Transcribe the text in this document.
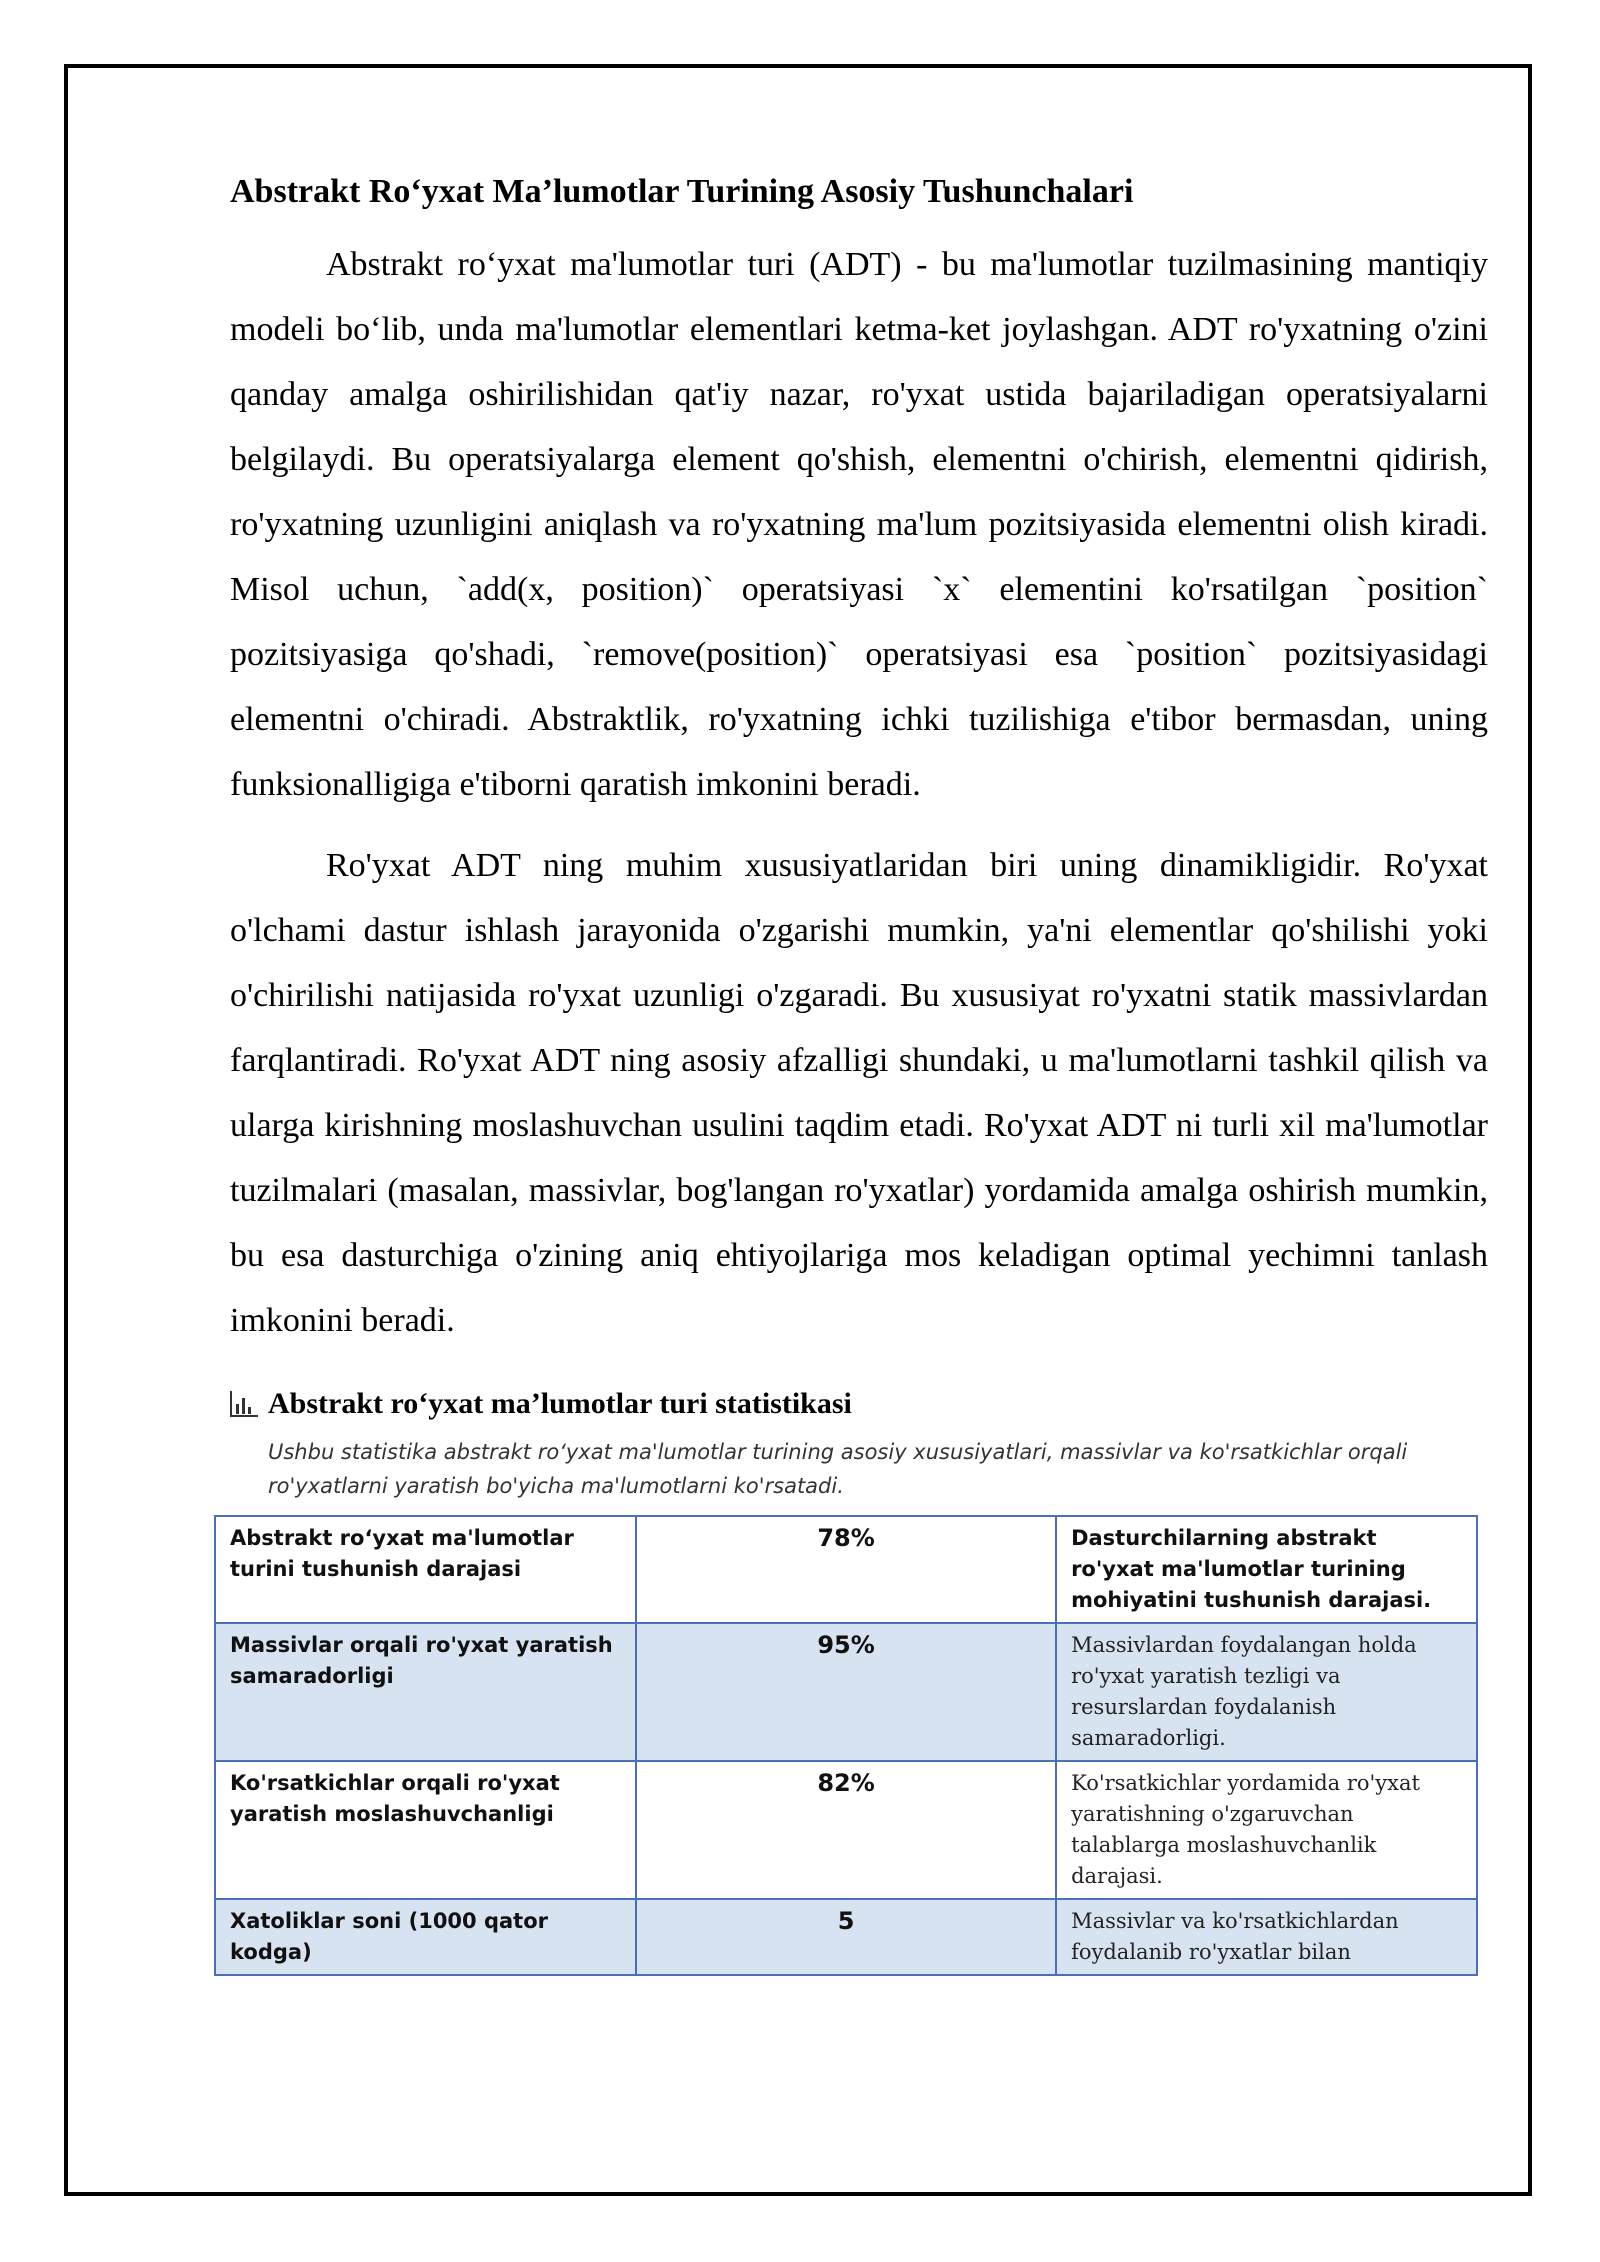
Abstrakt Ro‘yxat Ma’lumotlar Turining Asosiy Tushunchalari

Abstrakt ro‘yxat ma'lumotlar turi (ADT) - bu ma'lumotlar tuzilmasining mantiqiy modeli bo‘lib, unda ma'lumotlar elementlari ketma-ket joylashgan. ADT ro'yxatning o'zini qanday amalga oshirilishidan qat'iy nazar, ro'yxat ustida bajariladigan operatsiyalarni belgilaydi. Bu operatsiyalarga element qo'shish, elementni o'chirish, elementni qidirish, ro'yxatning uzunligini aniqlash va ro'yxatning ma'lum pozitsiyasida elementni olish kiradi. Misol uchun, `add(x, position)` operatsiyasi `x` elementini ko'rsatilgan `position` pozitsiyasiga qo'shadi, `remove(position)` operatsiyasi esa `position` pozitsiyasidagi elementni o'chiradi. Abstraktlik, ro'yxatning ichki tuzilishiga e'tibor bermasdan, uning funksionalligiga e'tiborni qaratish imkonini beradi.

Ro'yxat ADT ning muhim xususiyatlaridan biri uning dinamikligidir. Ro'yxat o'lchami dastur ishlash jarayonida o'zgarishi mumkin, ya'ni elementlar qo'shilishi yoki o'chirilishi natijasida ro'yxat uzunligi o'zgaradi. Bu xususiyat ro'yxatni statik massivlardan farqlantiradi. Ro'yxat ADT ning asosiy afzalligi shundaki, u ma'lumotlarni tashkil qilish va ularga kirishning moslashuvchan usulini taqdim etadi. Ro'yxat ADT ni turli xil ma'lumotlar tuzilmalari (masalan, massivlar, bog'langan ro'yxatlar) yordamida amalga oshirish mumkin, bu esa dasturchiga o'zining aniq ehtiyojlariga mos keladigan optimal yechimni tanlash imkonini beradi.

Abstrakt ro‘yxat ma’lumotlar turi statistikasi
Ushbu statistika abstrakt ro‘yxat ma'lumotlar turining asosiy xususiyatlari, massivlar va ko'rsatkichlar orqali ro'yxatlarni yaratish bo'yicha ma'lumotlarni ko'rsatadi.
Abstrakt ro‘yxat ma'lumotlar turini tushunish darajasi	78%	Dasturchilarning abstrakt ro'yxat ma'lumotlar turining mohiyatini tushunish darajasi.
Massivlar orqali ro'yxat yaratish samaradorligi	95%	Massivlardan foydalangan holda ro'yxat yaratish tezligi va resurslardan foydalanish samaradorligi.
Ko'rsatkichlar orqali ro'yxat yaratish moslashuvchanligi	82%	Ko'rsatkichlar yordamida ro'yxat yaratishning o'zgaruvchan talablarga moslashuvchanlik darajasi.
Xatoliklar soni (1000 qator kodga)	5	Massivlar va ko'rsatkichlardan foydalanib ro'yxatlar bilan
